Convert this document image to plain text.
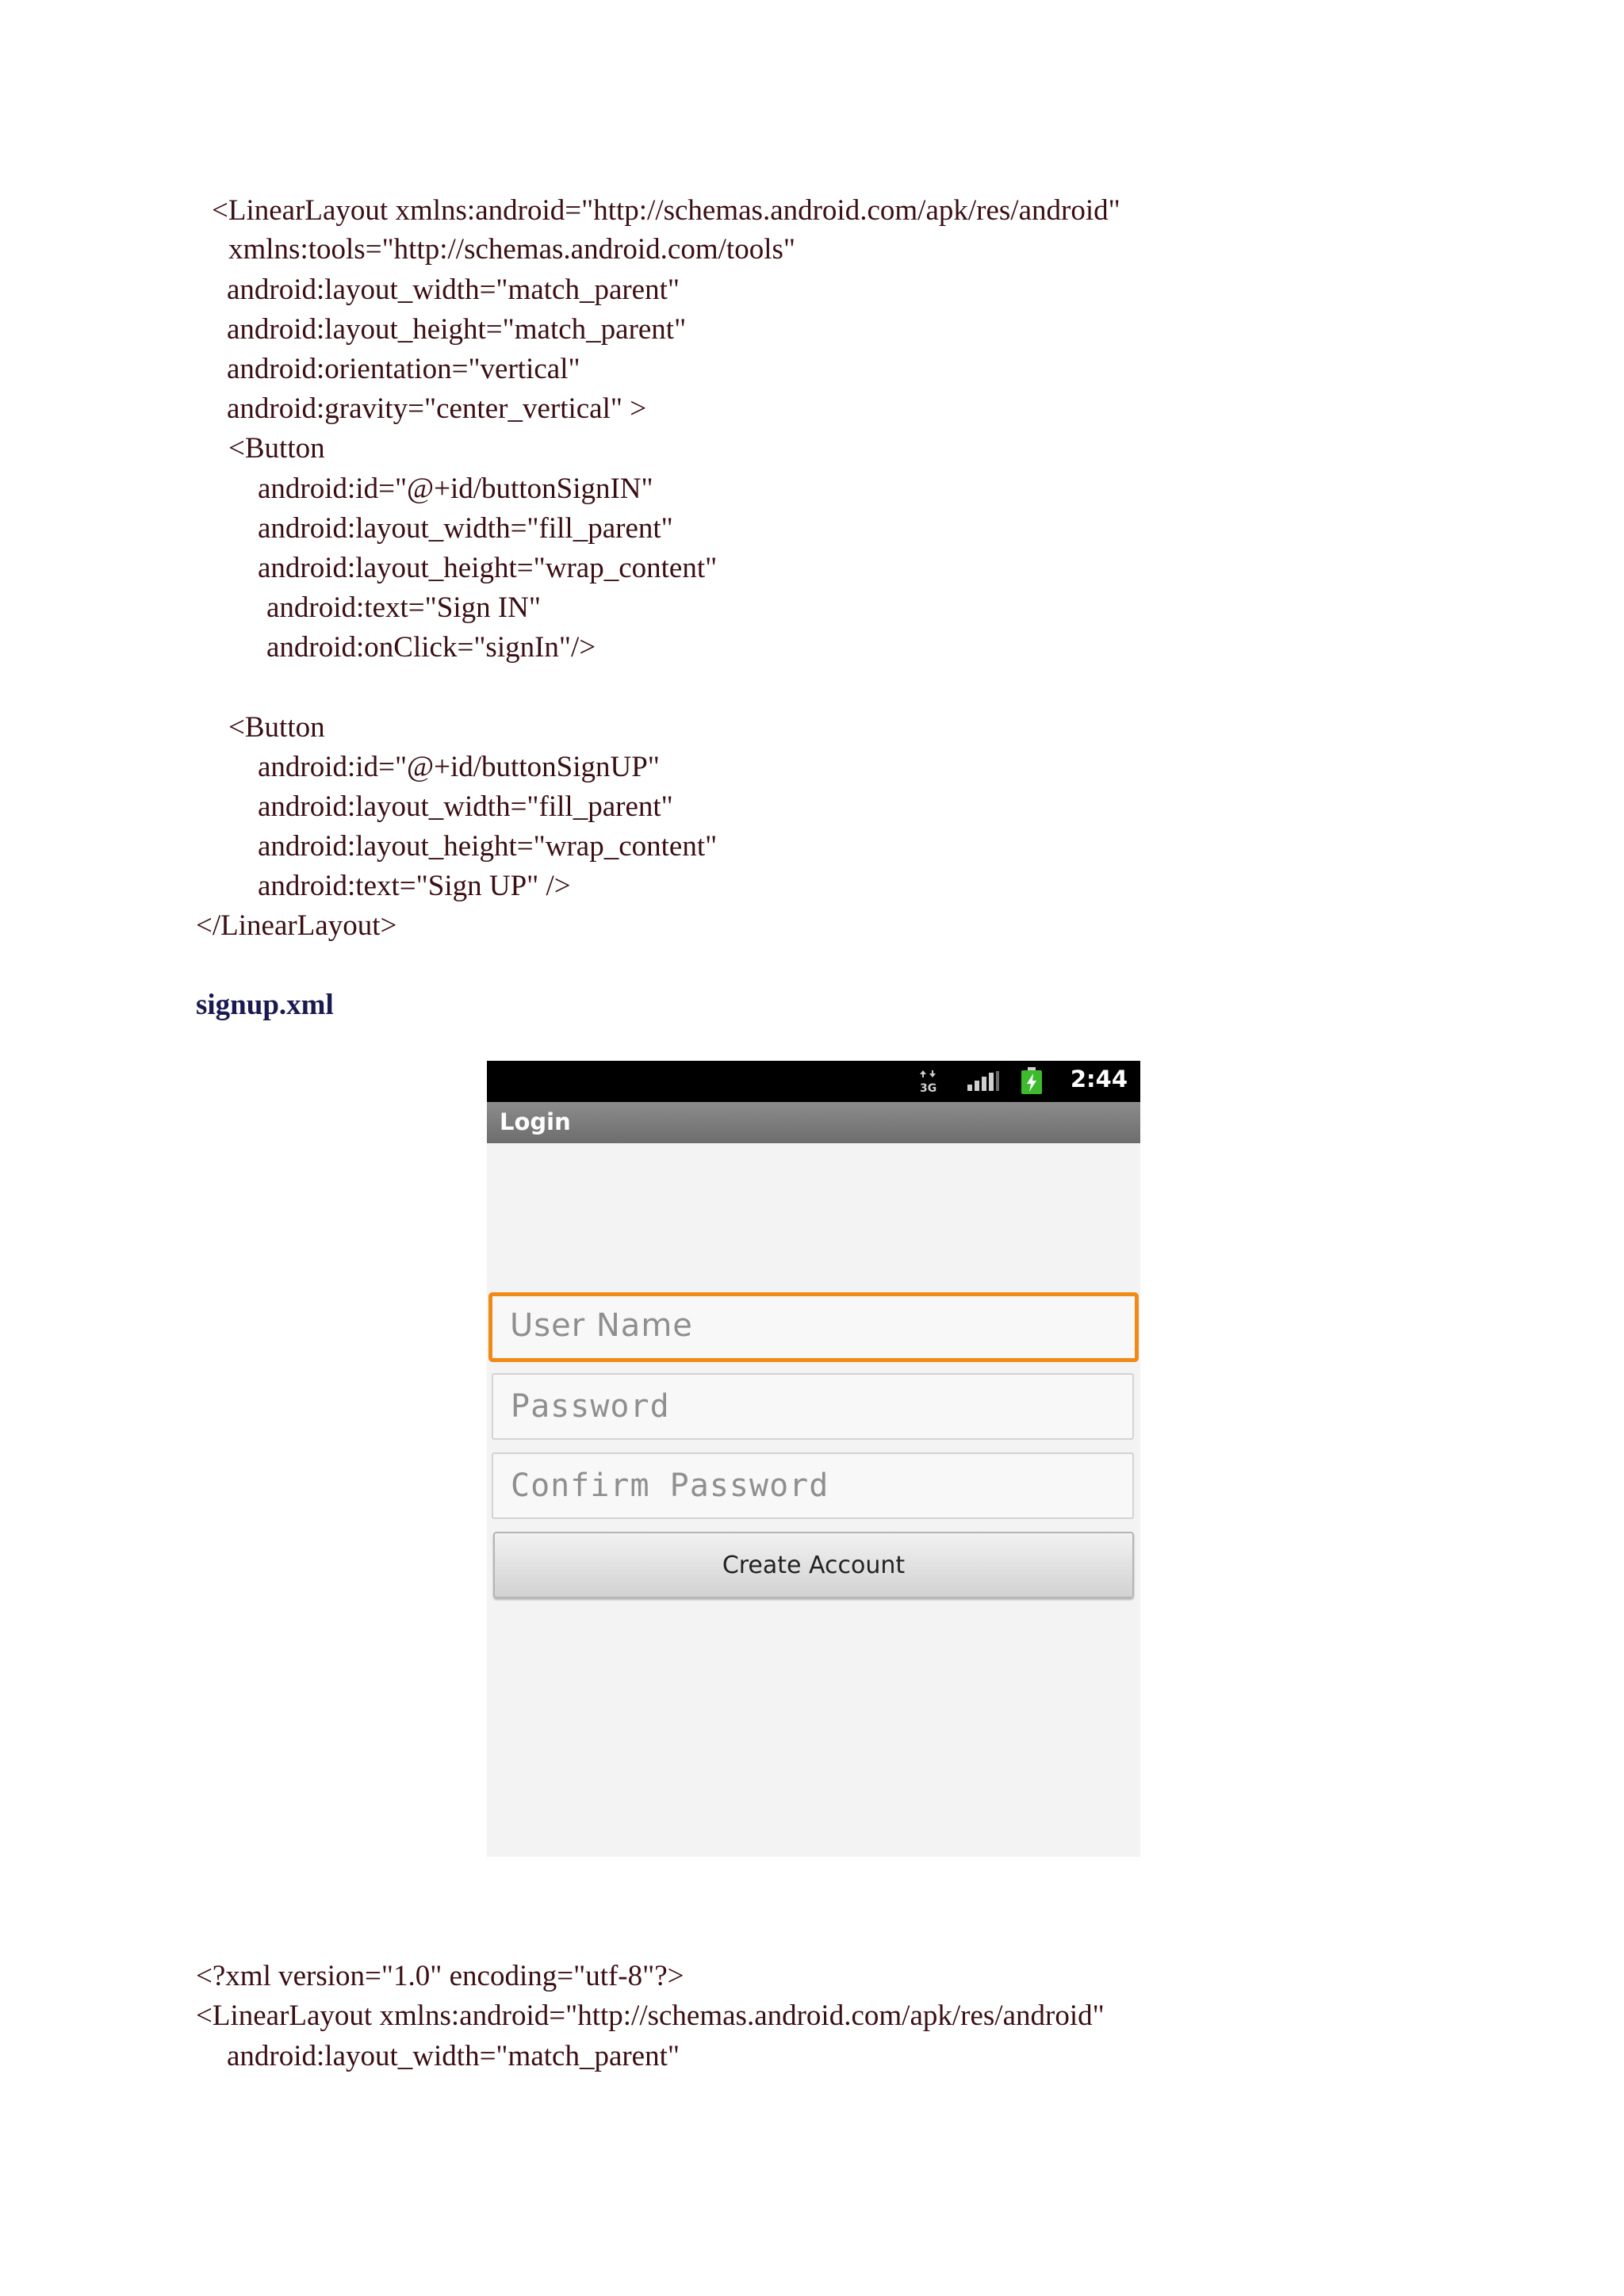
<LinearLayout xmlns:android="http://schemas.android.com/apk/res/android"

xmlns:tools="http://schemas.android.com/tools"

android:layout_width="match_parent"

android:layout_height="match_parent"

android:orientation="vertical"

android:gravity="center_vertical" >

<Button

android:id="@+id/buttonSignIN"

android:layout_width="fill_parent"

android:layout_height="wrap_content"

android:text="Sign IN"

android:onClick="signIn"/>

<Button

android:id="@+id/buttonSignUP"

android:layout_width="fill_parent"

android:layout_height="wrap_content"

android:text="Sign UP" />

</LinearLayout>

signup.xml

3G	2:44
Login
User Name
Password
Confirm Password
Create Account

<?xml version="1.0" encoding="utf-8"?>

<LinearLayout xmlns:android="http://schemas.android.com/apk/res/android"

android:layout_width="match_parent"
